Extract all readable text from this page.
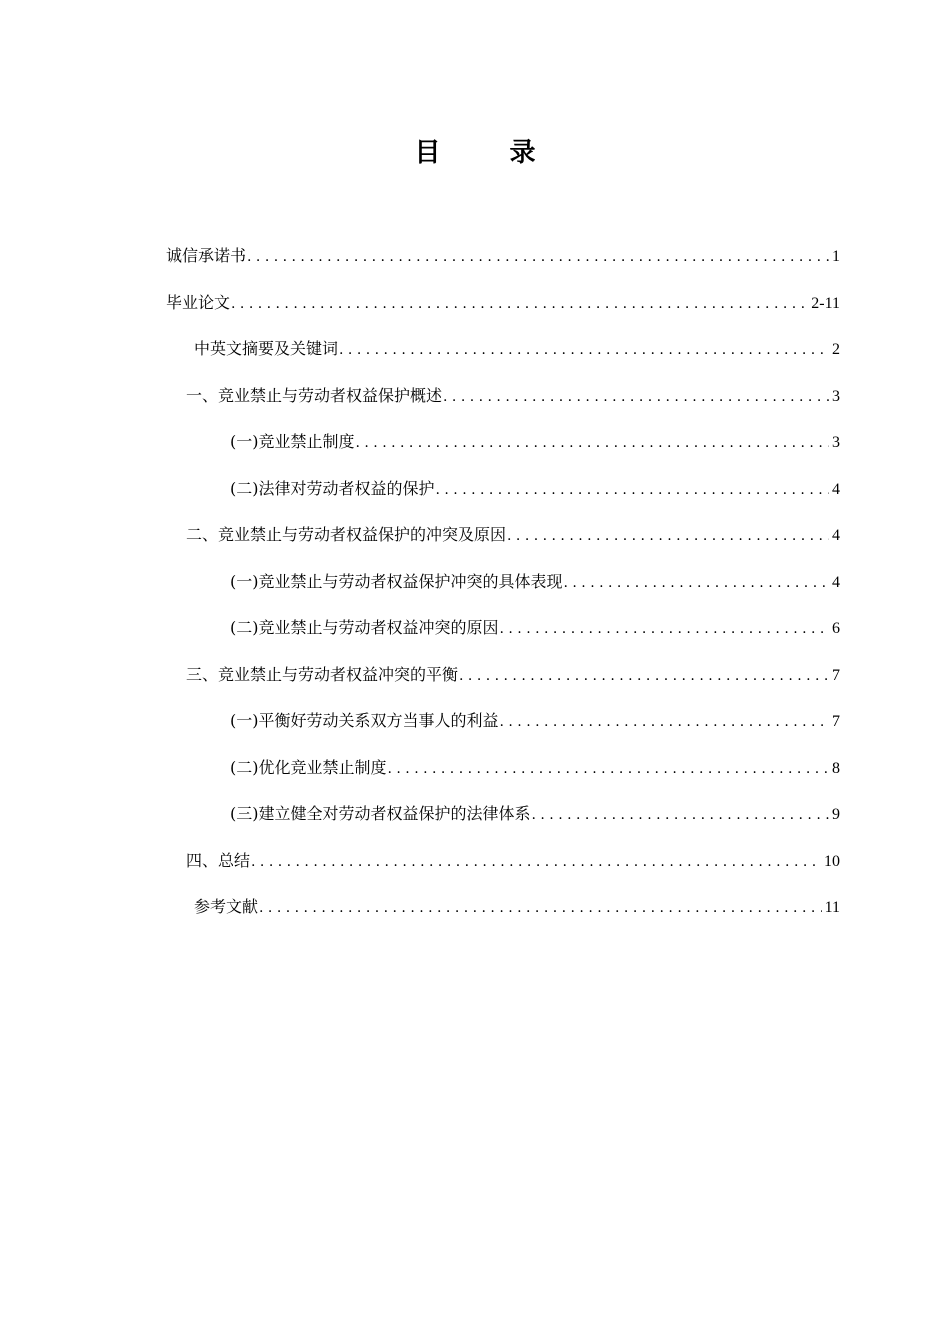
目 录
诚信承诺书 . . .	1
毕业论文 . . .	2-11
中英文摘要及关键词 . . .	2
一、竞业禁止与劳动者权益保护概述 . . .	3
(一)竞业禁止制度 . . .	3
(二)法律对劳动者权益的保护 . . .	4
二、竞业禁止与劳动者权益保护的冲突及原因 . . .	4
(一)竞业禁止与劳动者权益保护冲突的具体表现 . . .	4
(二)竞业禁止与劳动者权益冲突的原因 . . .	6
三、竞业禁止与劳动者权益冲突的平衡 . . .	7
(一)平衡好劳动关系双方当事人的利益 . . .	7
(二)优化竞业禁止制度 . . .	8
(三)建立健全对劳动者权益保护的法律体系 . . .	9
四、总结 . . .	10
参考文献 . . .	11
